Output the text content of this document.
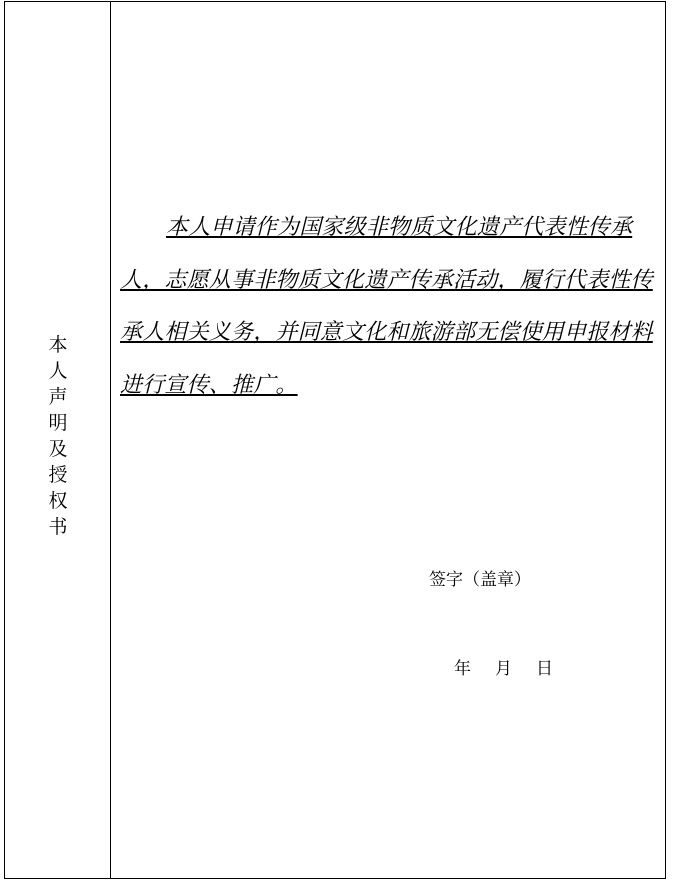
本
人
声
明
及
授
权
书
本人申请作为国家级非物质文化遗产代表性传承人，志愿从事非物质文化遗产传承活动，履行代表性传承人相关义务，并同意文化和旅游部无偿使用申报材料进行宣传、推广。
签字（盖章）
年 月 日
